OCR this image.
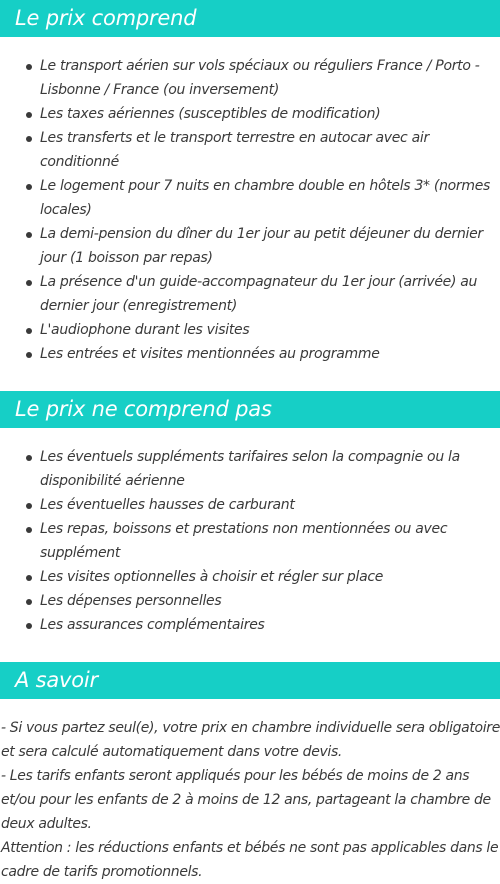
Le prix comprend
Le transport aérien sur vols spéciaux ou réguliers France / Porto - Lisbonne / France (ou inversement)
Les taxes aériennes (susceptibles de modification)
Les transferts et le transport terrestre en autocar avec air conditionné
Le logement pour 7 nuits en chambre double en hôtels 3* (normes locales)
La demi-pension du dîner du 1er jour au petit déjeuner du dernier jour (1 boisson par repas)
La présence d'un guide-accompagnateur du 1er jour (arrivée) au dernier jour (enregistrement)
L'audiophone durant les visites
Les entrées et visites mentionnées au programme
Le prix ne comprend pas
Les éventuels suppléments tarifaires selon la compagnie ou la disponibilité aérienne
Les éventuelles hausses de carburant
Les repas, boissons et prestations non mentionnées ou avec supplément
Les visites optionnelles à choisir et régler sur place
Les dépenses personnelles
Les assurances complémentaires
A savoir

- Si vous partez seul(e), votre prix en chambre individuelle sera obligatoire et sera calculé automatiquement dans votre devis.

- Les tarifs enfants seront appliqués pour les bébés de moins de 2 ans et/ou pour les enfants de 2 à moins de 12 ans, partageant la chambre de deux adultes.

Attention : les réductions enfants et bébés ne sont pas applicables dans le cadre de tarifs promotionnels.
